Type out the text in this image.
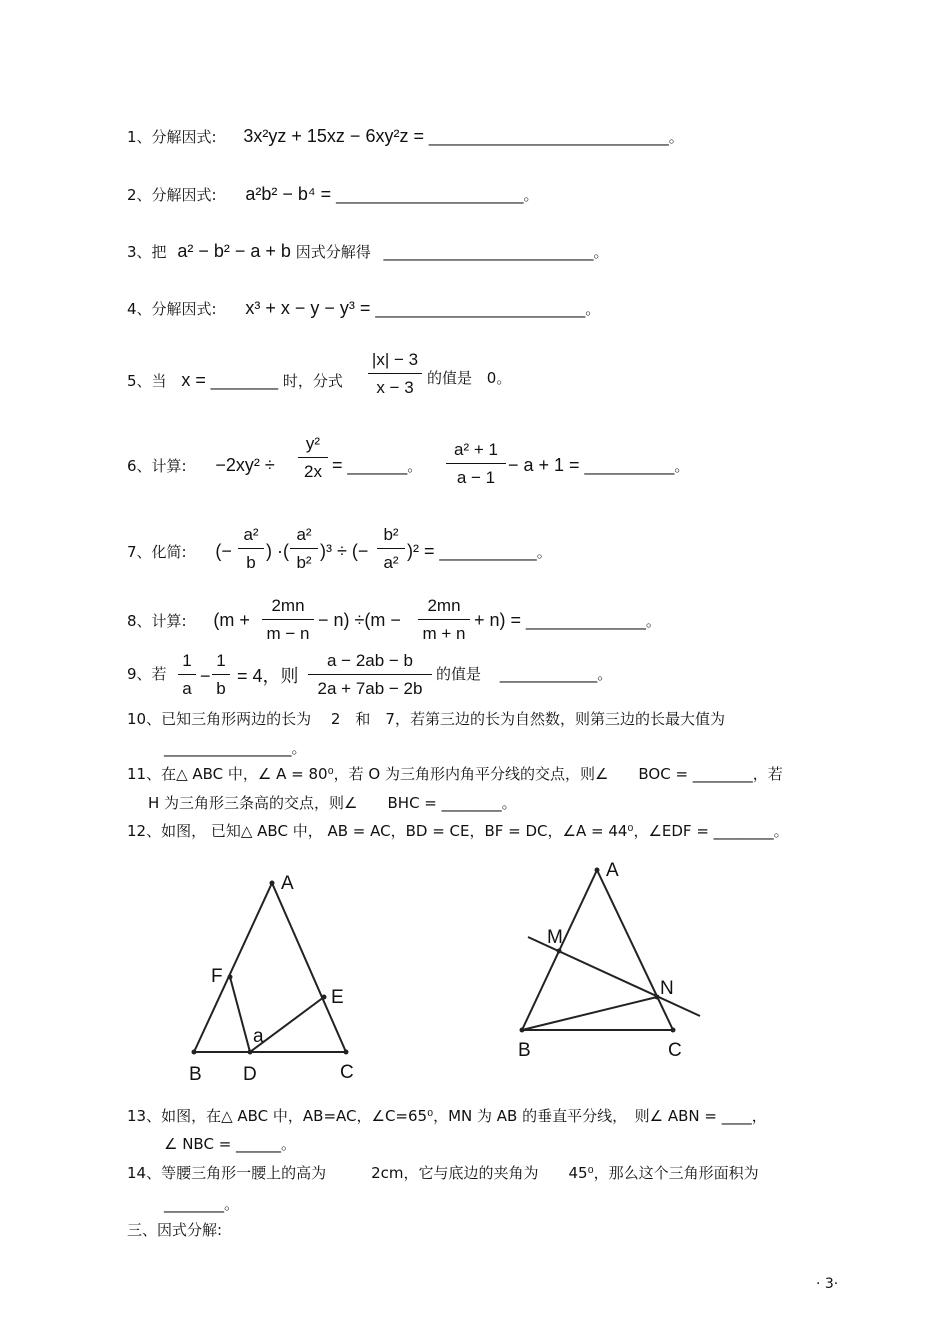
1、分解因式: 3x²yz + 15xz − 6xy²z = ________________________________。
2、分解因式: a²b² − b⁴ = _________________________。
3、把 a² − b² − a + b 因式分解得 ____________________________。
4、分解因式: x³ + x − y − y³ = ____________________________。
5、当 x = _________ 时，分式 $\frac{|x| - 3}{x - 3}$ 的值是 0。
6、计算: $-2xy^2 \div \frac{\text{y²}}{2x}$ = ________。 $\frac{\text{a² + 1}}{a - 1} - a + 1$ = ____________。
7、化简: (− $\frac{\text{a²}}{b}$ ) ·( $\frac{\text{a²}}{\text{b²}} )^3$ ÷ (− $\frac{\text{b²}}{\text{a²}} )^2$ = _____________。
8、计算: $(m + \frac{2mn}{m - n} - n) \div(m - \frac{2mn}{m + n} + n)$ = ________________。
9、若 $\frac{1}{a} - \frac{1}{b} = 4$，则 $\frac{a - 2ab - b}{2a + 7ab - 2b}$ 的值是 _____________。
10、已知三角形两边的长为 　2　和　7，若第三边的长为自然数，则第三边的长最大值为
_________________。
11、在△ ABC 中，∠ A = 80⁰，若 O 为三角形内角平分线的交点，则∠　　BOC = ________，若
H 为三角形三条高的交点，则∠　　BHC = ________。
12、如图， 已知△ ABC 中， AB = AC，BD = CE，BF = DC，∠A = 44⁰，∠EDF = ________。
A
F
E
a
B D	C
A
M
N
B	C
13、如图，在△ ABC 中，AB=AC，∠C=65⁰，MN 为 AB 的垂直平分线，　则∠ ABN = ____，
∠ NBC = ______。
14、等腰三角形一腰上的高为　　　2cm，它与底边的夹角为　　45⁰，那么这个三角形面积为
________。
三、因式分解:
· 3·
